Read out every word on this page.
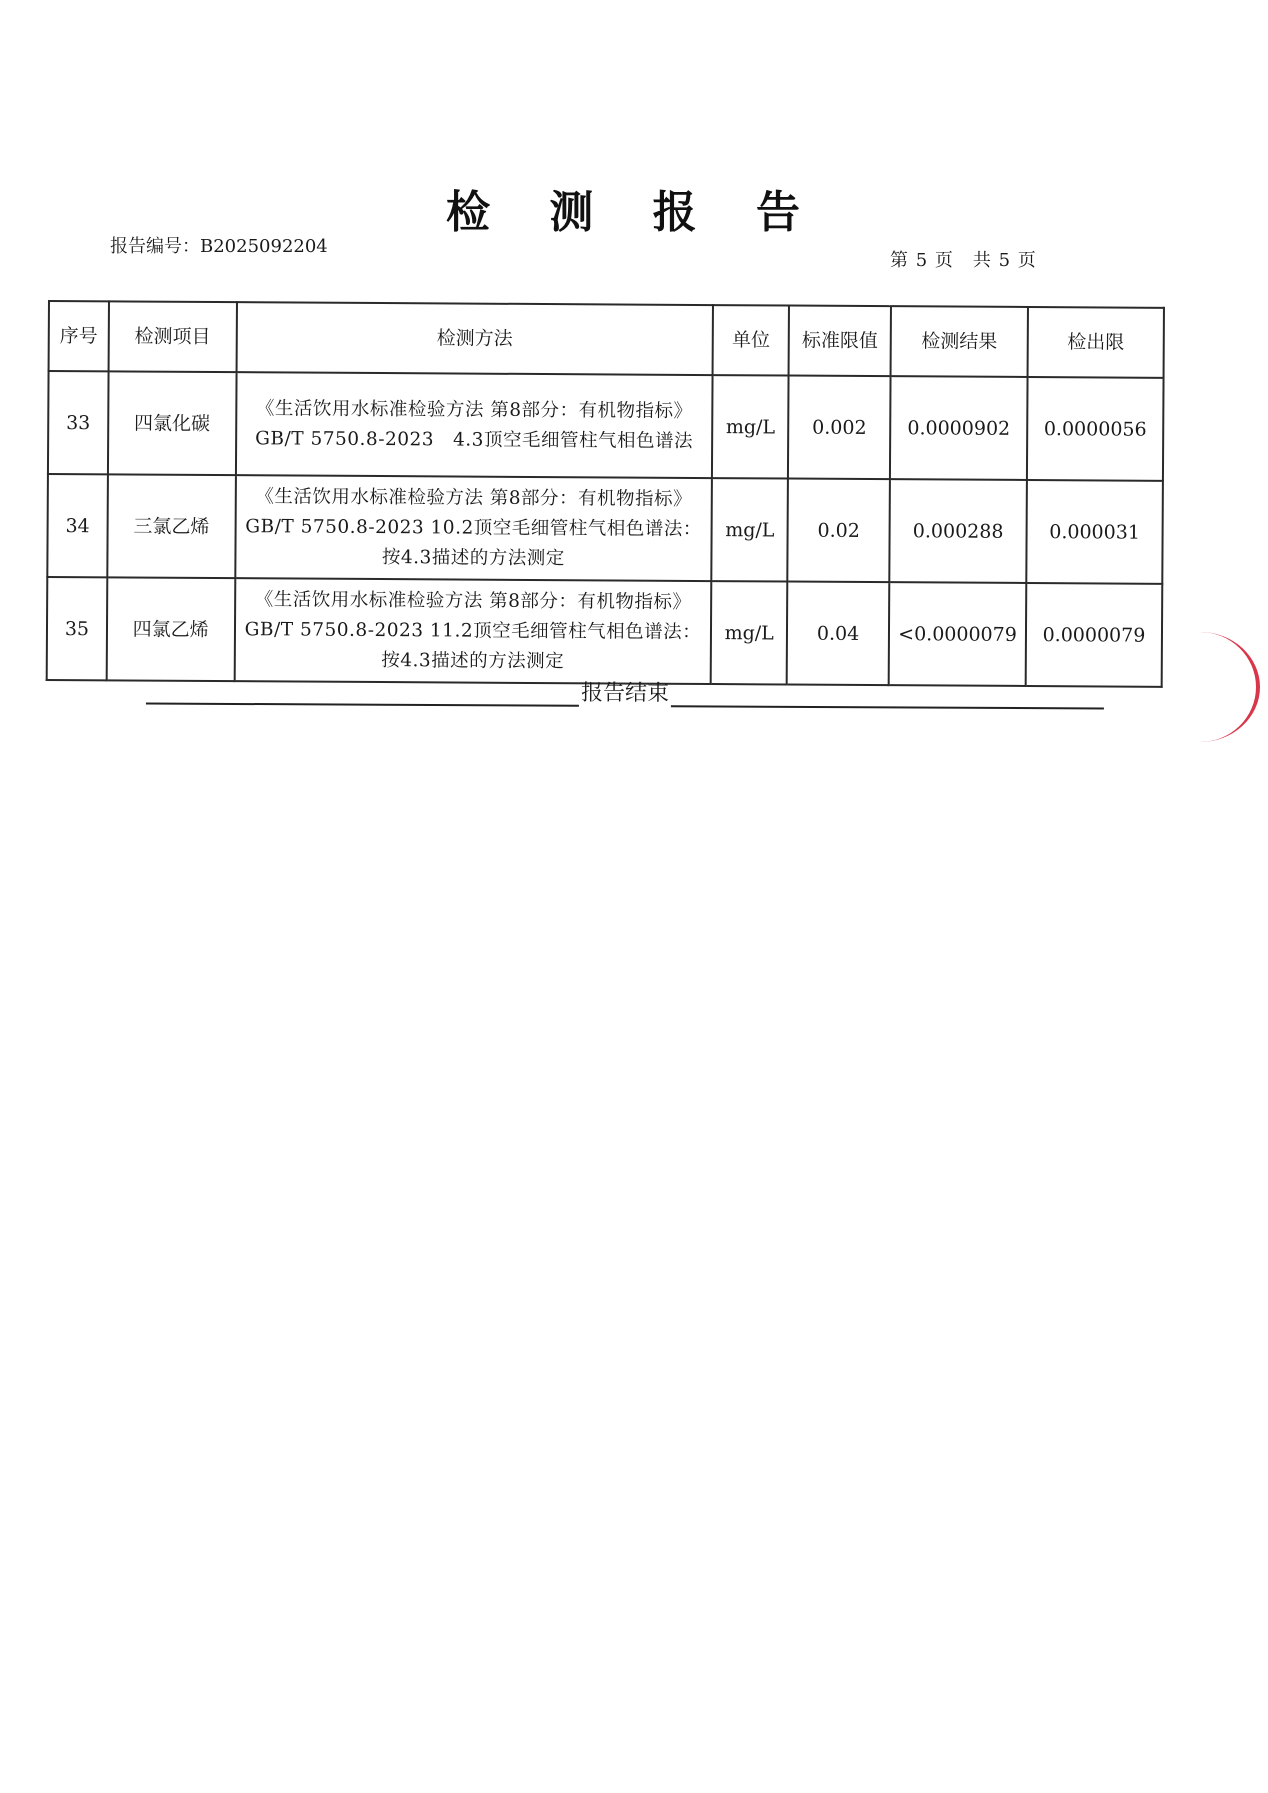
检 测 报 告
报告编号：B2025092204
第 5 页　共 5 页
序号	检测项目	检测方法	单位	标准限值	检测结果	检出限
33	四氯化碳	《生活饮用水标准检验方法 第8部分：有机物指标》GB/T 5750.8-2023　4.3顶空毛细管柱气相色谱法	mg/L	0.002	0.0000902	0.0000056
34	三氯乙烯	《生活饮用水标准检验方法 第8部分：有机物指标》GB/T 5750.8-2023 10.2顶空毛细管柱气相色谱法：按4.3描述的方法测定	mg/L	0.02	0.000288	0.000031
35	四氯乙烯	《生活饮用水标准检验方法 第8部分：有机物指标》GB/T 5750.8-2023 11.2顶空毛细管柱气相色谱法：按4.3描述的方法测定	mg/L	0.04	<0.0000079	0.0000079
报告结束
